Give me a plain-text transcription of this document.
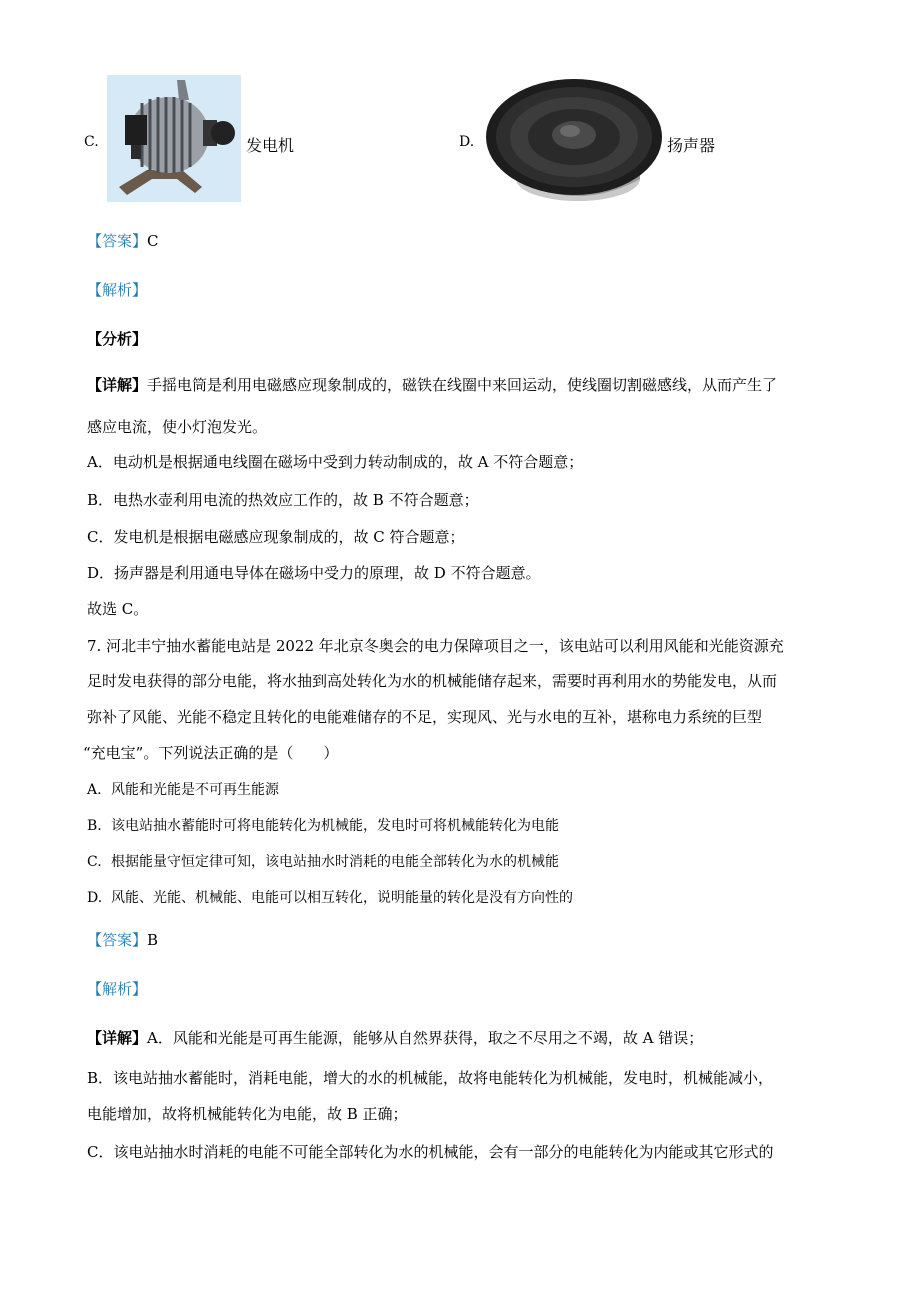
C.	发电机	D.	扬声器
【答案】C
【解析】
【分析】
【详解】手摇电筒是利用电磁感应现象制成的，磁铁在线圈中来回运动，使线圈切割磁感线，从而产生了
感应电流，使小灯泡发光。
A．电动机是根据通电线圈在磁场中受到力转动制成的，故 A 不符合题意；
B．电热水壶利用电流的热效应工作的，故 B 不符合题意；
C．发电机是根据电磁感应现象制成的，故 C 符合题意；
D．扬声器是利用通电导体在磁场中受力的原理，故 D 不符合题意。
故选 C。
7. 河北丰宁抽水蓄能电站是 2022 年北京冬奥会的电力保障项目之一，该电站可以利用风能和光能资源充
足时发电获得的部分电能，将水抽到高处转化为水的机械能储存起来，需要时再利用水的势能发电，从而
弥补了风能、光能不稳定且转化的电能难储存的不足，实现风、光与水电的互补，堪称电力系统的巨型
“充电宝”。下列说法正确的是（　　）
A. 风能和光能是不可再生能源
B. 该电站抽水蓄能时可将电能转化为机械能，发电时可将机械能转化为电能
C. 根据能量守恒定律可知，该电站抽水时消耗的电能全部转化为水的机械能
D. 风能、光能、机械能、电能可以相互转化，说明能量的转化是没有方向性的
【答案】B
【解析】
【详解】A．风能和光能是可再生能源，能够从自然界获得，取之不尽用之不竭，故 A 错误；
B．该电站抽水蓄能时，消耗电能，增大的水的机械能，故将电能转化为机械能，发电时，机械能减小，
电能增加，故将机械能转化为电能，故 B 正确；
C．该电站抽水时消耗的电能不可能全部转化为水的机械能，会有一部分的电能转化为内能或其它形式的
